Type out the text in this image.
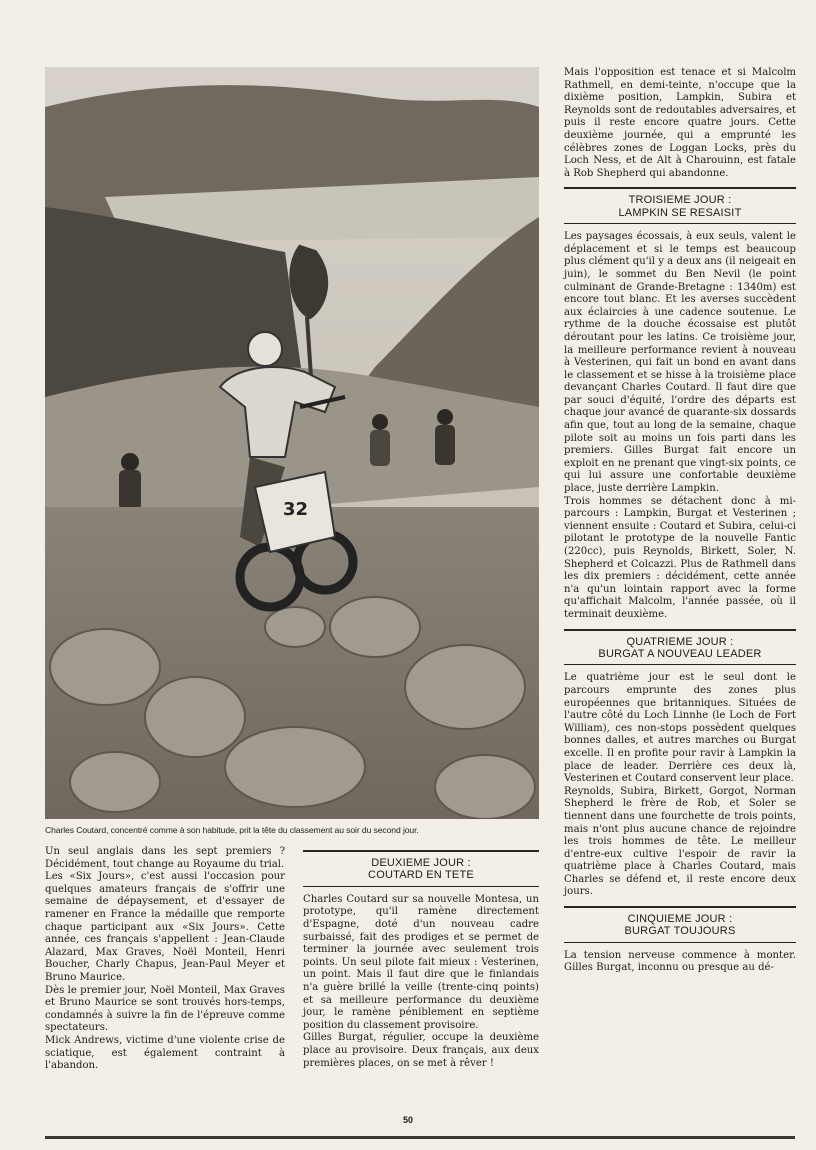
32
Charles Coutard, concentré comme à son habitude, prit la tête du classement au soir du second jour.

Un seul anglais dans les sept premiers ? Décidément, tout change au Royaume du trial.

Les «Six Jours», c'est aussi l'occasion pour quelques amateurs français de s'offrir une semaine de dépaysement, et d'essayer de ramener en France la médaille que remporte chaque participant aux «Six Jours». Cette année, ces français s'appellent : Jean-Claude Alazard, Max Graves, Noël Monteil, Henri Boucher, Charly Chapus, Jean-Paul Meyer et Bruno Maurice.

Dès le premier jour, Noël Monteil, Max Graves et Bruno Maurice se sont trouvés hors-temps, condamnés à suivre la fin de l'épreuve comme spectateurs.

Mick Andrews, victime d'une violente crise de sciatique, est également contraint à l'abandon.

DEUXIEME JOUR :
COUTARD EN TETE

Charles Coutard sur sa nouvelle Montesa, un prototype, qu'il ramène directement d'Espagne, doté d'un nouveau cadre surbaissé, fait des prodiges et se permet de terminer la journée avec seulement trois points. Un seul pilote fait mieux : Vesterinen, un point. Mais il faut dire que le finlandais n'a guère brillé la veille (trente-cinq points) et sa meilleure performance du deuxième jour, le ramène péniblement en septième position du classement provisoire.

Gilles Burgat, régulier, occupe la deuxième place au provisoire. Deux français, aux deux premières places, on se met à rêver !

Mais l'opposition est tenace et si Malcolm Rathmell, en demi-teinte, n'occupe que la dixième position, Lampkin, Subira et Reynolds sont de redoutables adversaires, et puis il reste encore quatre jours. Cette deuxième journée, qui a emprunté les célèbres zones de Loggan Locks, près du Loch Ness, et de Alt à Charouinn, est fatale à Rob Shepherd qui abandonne.

TROISIEME JOUR :
LAMPKIN SE RESAISIT

Les paysages écossais, à eux seuls, valent le déplacement et si le temps est beaucoup plus clément qu'il y a deux ans (il neigeait en juin), le sommet du Ben Nevil (le point culminant de Grande-Bretagne : 1340m) est encore tout blanc. Et les averses succèdent aux éclaircies à une cadence soutenue. Le rythme de la douche écossaise est plutôt déroutant pour les latins. Ce troisième jour, la meilleure performance revient à nouveau à Vesterinen, qui fait un bond en avant dans le classement et se hisse à la troisième place devançant Charles Coutard. Il faut dire que par souci d'équité, l'ordre des départs est chaque jour avancé de quarante-six dossards afin que, tout au long de la semaine, chaque pilote soit au moins un fois parti dans les premiers. Gilles Burgat fait encore un exploit en ne prenant que vingt-six points, ce qui lui assure une confortable deuxième place, juste derrière Lampkin.

Trois hommes se détachent donc à mi-parcours : Lampkin, Burgat et Vesterinen ; viennent ensuite : Coutard et Subira, celui-ci pilotant le prototype de la nouvelle Fantic (220cc), puis Reynolds, Birkett, Soler, N. Shepherd et Colcazzi. Plus de Rathmell dans les dix premiers : décidément, cette année n'a qu'un lointain rapport avec la forme qu'affichait Malcolm, l'année passée, où il terminait deuxième.

QUATRIEME JOUR :
BURGAT A NOUVEAU LEADER

Le quatrième jour est le seul dont le parcours emprunte des zones plus européennes que britanniques. Situées de l'autre côté du Loch Linnhe (le Loch de Fort William), ces non-stops possèdent quelques bonnes dalles, et autres marches ou Burgat excelle. Il en profite pour ravir à Lampkin la place de leader. Derrière ces deux là, Vesterinen et Coutard conservent leur place.

Reynolds, Subira, Birkett, Gorgot, Norman Shepherd le frère de Rob, et Soler se tiennent dans une fourchette de trois points, mais n'ont plus aucune chance de rejoindre les trois hommes de tête. Le meilleur d'entre-eux cultive l'espoir de ravir la quatrième place à Charles Coutard, mais Charles se défend et, il reste encore deux jours.

CINQUIEME JOUR :
BURGAT TOUJOURS

La tension nerveuse commence à monter. Gilles Burgat, inconnu ou presque au dé-

50
